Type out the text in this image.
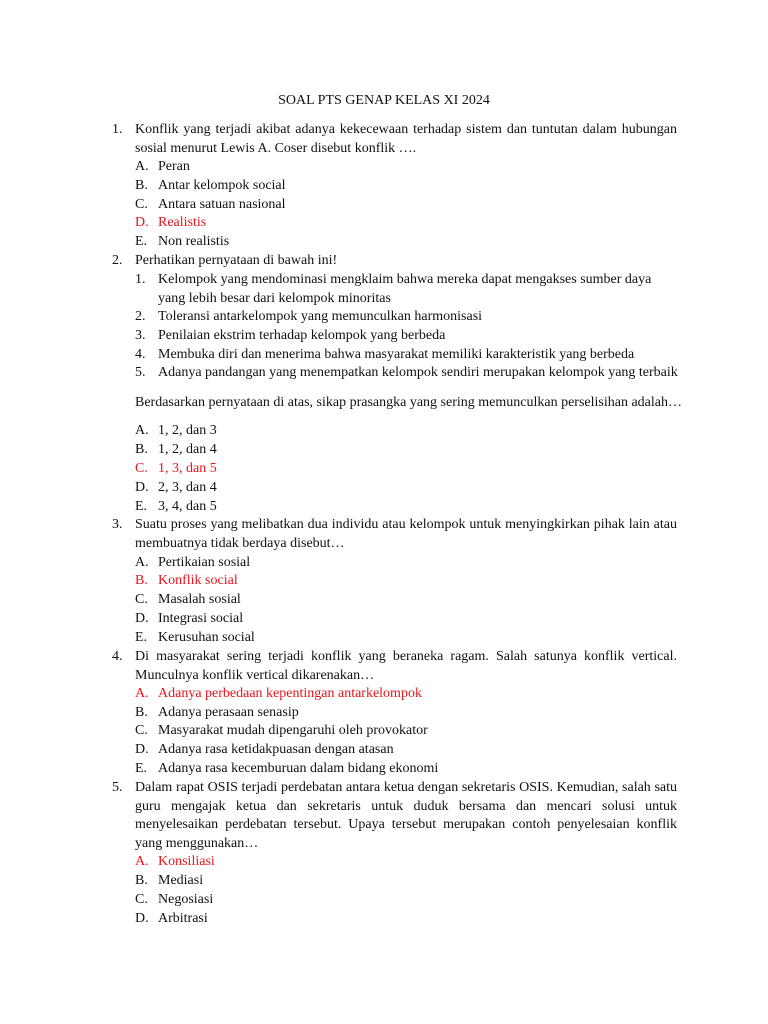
SOAL PTS GENAP KELAS XI 2024
1. Konflik yang terjadi akibat adanya kekecewaan terhadap sistem dan tuntutan dalam hubungan sosial menurut Lewis A. Coser disebut konflik ….
A. Peran
B. Antar kelompok social
C. Antara satuan nasional
D. Realistis
E. Non realistis
2. Perhatikan pernyataan di bawah ini!
1. Kelompok yang mendominasi mengklaim bahwa mereka dapat mengakses sumber daya yang lebih besar dari kelompok minoritas
2. Toleransi antarkelompok yang memunculkan harmonisasi
3. Penilaian ekstrim terhadap kelompok yang berbeda
4. Membuka diri dan menerima bahwa masyarakat memiliki karakteristik yang berbeda
5. Adanya pandangan yang menempatkan kelompok sendiri merupakan kelompok yang terbaik
Berdasarkan pernyataan di atas, sikap prasangka yang sering memunculkan perselisihan adalah…
A. 1, 2, dan 3
B. 1, 2, dan 4
C. 1, 3, dan 5
D. 2, 3, dan 4
E. 3, 4, dan 5
3. Suatu proses yang melibatkan dua individu atau kelompok untuk menyingkirkan pihak lain atau membuatnya tidak berdaya disebut…
A. Pertikaian sosial
B. Konflik social
C. Masalah sosial
D. Integrasi social
E. Kerusuhan social
4. Di masyarakat sering terjadi konflik yang beraneka ragam. Salah satunya konflik vertical. Munculnya konflik vertical dikarenakan…
A. Adanya perbedaan kepentingan antarkelompok
B. Adanya perasaan senasip
C. Masyarakat mudah dipengaruhi oleh provokator
D. Adanya rasa ketidakpuasan dengan atasan
E. Adanya rasa kecemburuan dalam bidang ekonomi
5. Dalam rapat OSIS terjadi perdebatan antara ketua dengan sekretaris OSIS. Kemudian, salah satu guru mengajak ketua dan sekretaris untuk duduk bersama dan mencari solusi untuk menyelesaikan perdebatan tersebut. Upaya tersebut merupakan contoh penyelesaian konflik yang menggunakan…
A. Konsiliasi
B. Mediasi
C. Negosiasi
D. Arbitrasi
